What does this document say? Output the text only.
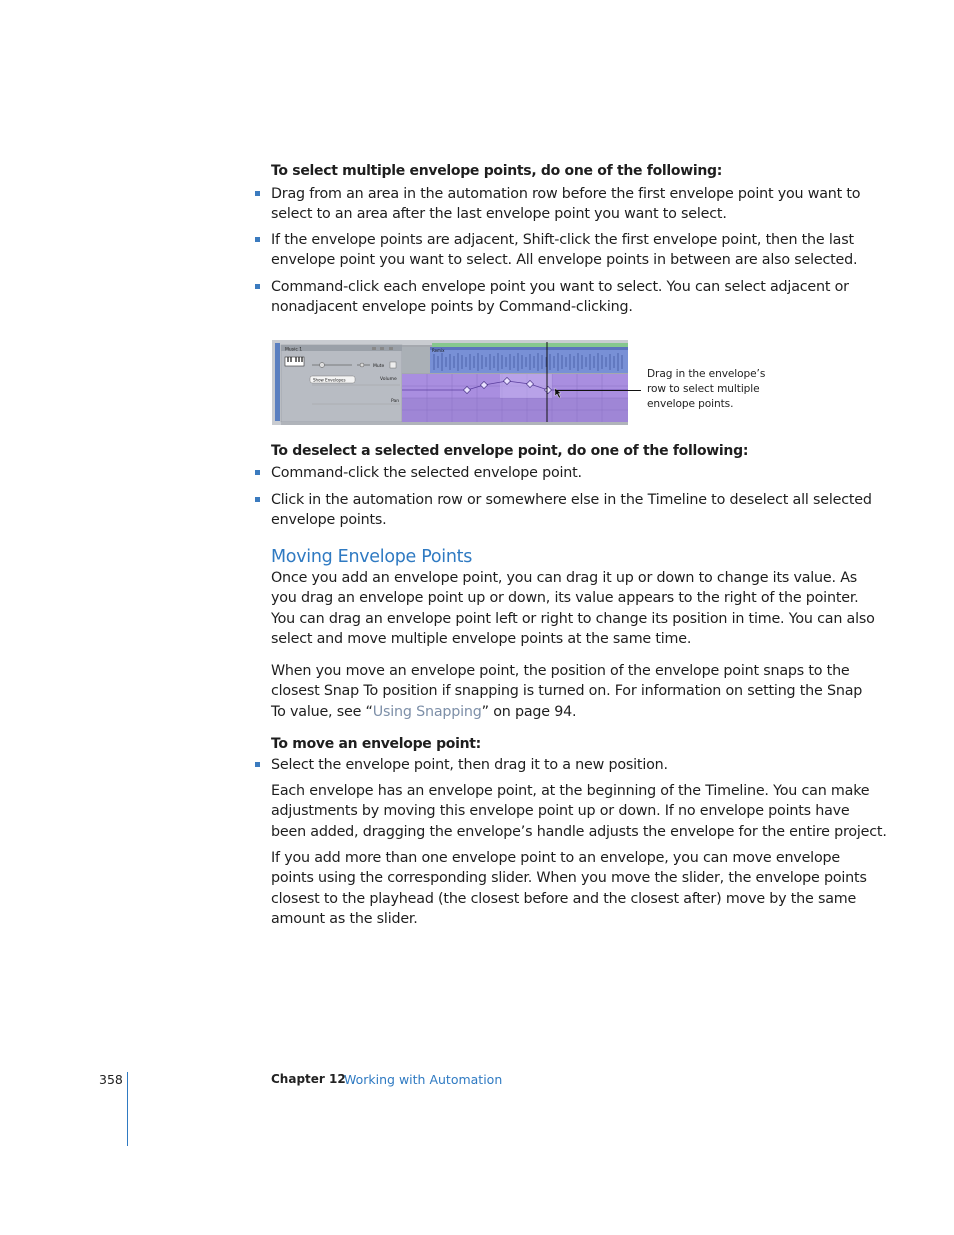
To select multiple envelope points, do one of the following:
Drag from an area in the automation row before the first envelope point you want to
select to an area after the last envelope point you want to select.
If the envelope points are adjacent, Shift-click the first envelope point, then the last
envelope point you want to select. All envelope points in between are also selected.
Command-click each envelope point you want to select. You can select adjacent or
nonadjacent envelope points by Command-clicking.
Music 1
Mute
Show Envelopes	Volume
Pan
Remix
Drag in the envelope’s
row to select multiple
envelope points.
To deselect a selected envelope point, do one of the following:
Command-click the selected envelope point.
Click in the automation row or somewhere else in the Timeline to deselect all selected
envelope points.
Moving Envelope Points
Once you add an envelope point, you can drag it up or down to change its value. As
you drag an envelope point up or down, its value appears to the right of the pointer.
You can drag an envelope point left or right to change its position in time. You can also
select and move multiple envelope points at the same time.
When you move an envelope point, the position of the envelope point snaps to the
closest Snap To position if snapping is turned on. For information on setting the Snap
To value, see “Using Snapping” on page 94.
To move an envelope point:
Select the envelope point, then drag it to a new position.
Each envelope has an envelope point, at the beginning of the Timeline. You can make
adjustments by moving this envelope point up or down. If no envelope points have
been added, dragging the envelope’s handle adjusts the envelope for the entire project.
If you add more than one envelope point to an envelope, you can move envelope
points using the corresponding slider. When you move the slider, the envelope points
closest to the playhead (the closest before and the closest after) move by the same
amount as the slider.
358	Chapter 12
Working with Automation
